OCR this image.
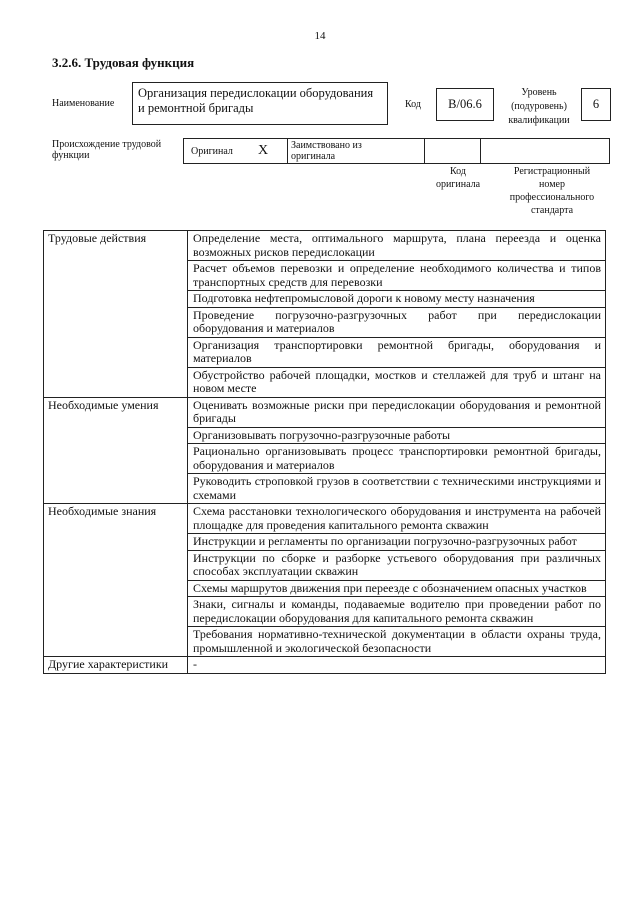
14
3.2.6. Трудовая функция
Наименование
Организация передислокации оборудования и ремонтной бригады	Код B/06.6
Уровень
(подуровень)
квалификации
6
Происхождение трудовой
функции	Оригинал X Заимствовано из
оригинала
Код
оригинала
Регистрационный
номер
профессионального
стандарта
Трудовые действия	Определение места, оптимального маршрута, плана переезда и оценка возможных рисков передислокации
	Расчет объемов перевозки и определение необходимого количества и типов транспортных средств для перевозки
	Подготовка нефтепромысловой дороги к новому месту назначения
	Проведение погрузочно-разгрузочных работ при передислокации оборудования и материалов
	Организация транспортировки ремонтной бригады, оборудования и материалов
	Обустройство рабочей площадки, мостков и стеллажей для труб и штанг на новом месте
Необходимые умения	Оценивать возможные риски при передислокации оборудования и ремонтной бригады
	Организовывать погрузочно-разгрузочные работы
	Рационально организовывать процесс транспортировки ремонтной бригады, оборудования и материалов
	Руководить строповкой грузов в соответствии с техническими инструкциями и схемами
Необходимые знания	Схема расстановки технологического оборудования и инструмента на рабочей площадке для проведения капитального ремонта скважин
	Инструкции и регламенты по организации погрузочно-разгрузочных работ
	Инструкции по сборке и разборке устьевого оборудования при различных способах эксплуатации скважин
	Схемы маршрутов движения при переезде с обозначением опасных участков
	Знаки, сигналы и команды, подаваемые водителю при проведении работ по передислокации оборудования для капитального ремонта скважин
	Требования нормативно-технической документации в области охраны труда, промышленной и экологической безопасности
Другие характеристики	-
